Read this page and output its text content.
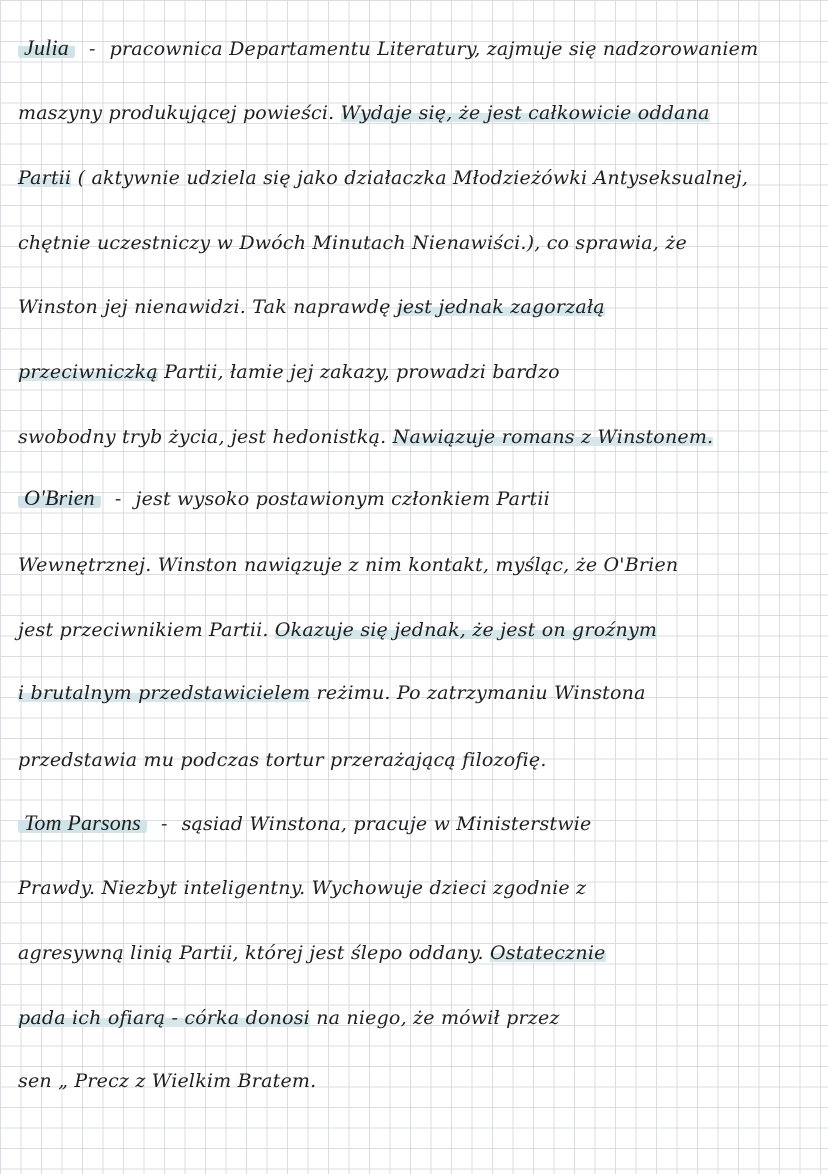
Julia - pracownica Departamentu Literatury, zajmuje się nadzorowaniem
maszyny produkującej powieści. Wydaje się, że jest całkowicie oddana
Partii ( aktywnie udziela się jako działaczka Młodzieżówki Antyseksualnej,
chętnie uczestniczy w Dwóch Minutach Nienawiści.), co sprawia, że
Winston jej nienawidzi. Tak naprawdę jest jednak zagorzałą
przeciwniczką Partii, łamie jej zakazy, prowadzi bardzo
swobodny tryb życia, jest hedonistką. Nawiązuje romans z Winstonem.
O'Brien - jest wysoko postawionym członkiem Partii
Wewnętrznej. Winston nawiązuje z nim kontakt, myśląc, że O'Brien
jest przeciwnikiem Partii. Okazuje się jednak, że jest on groźnym
i brutalnym przedstawicielem reżimu. Po zatrzymaniu Winstona
przedstawia mu podczas tortur przerażającą filozofię.
Tom Parsons - sąsiad Winstona, pracuje w Ministerstwie
Prawdy. Niezbyt inteligentny. Wychowuje dzieci zgodnie z
agresywną linią Partii, której jest ślepo oddany. Ostatecznie
pada ich ofiarą - córka donosi na niego, że mówił przez
sen „ Precz z Wielkim Bratem.
